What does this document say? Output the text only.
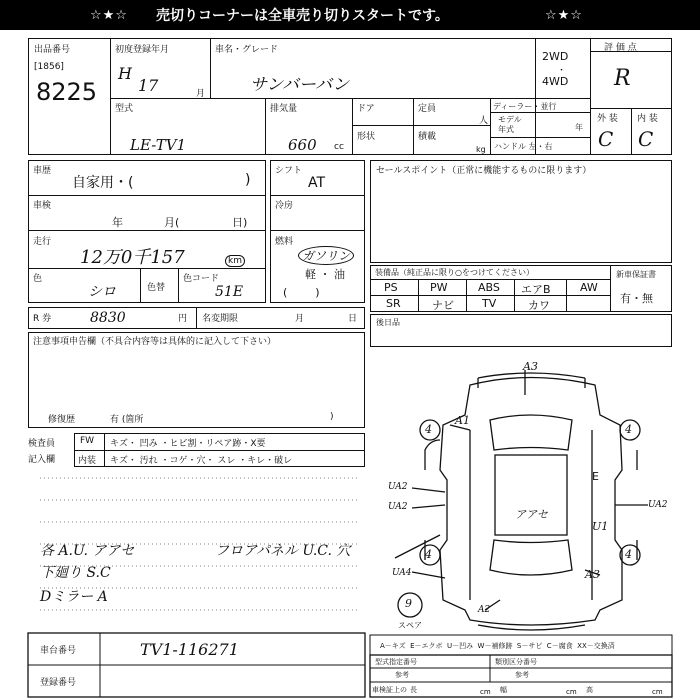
☆★☆ 売切りコーナーは全車売り切りスタートです。	☆★☆
出品番号
[1856]
8225
初度登録年月
H
17	月
車名・グレード
サンバーバン
2WD
・
4WD
評 価 点
R
型式
LE-TV1
排気量
660 cc
ドア
形状
定員
人
積載
kg
ディーラー・並行
モデル
年式	年
ハンドル 左・右
外 装 内 装
C C
車歴
自家用・(	)
車検
年	月(	日)
走行
12万0千157	km
色
シロ	色替
色コード
51E
シフト
AT
冷房
燃料
ガソリン
軽 ・ 油
(        )
R 券	8830	円 名変期限	月	日
セールスポイント（正常に機能するものに限ります）
装備品（純正品に限り○をつけてください）
PS	PW	ABS エアB	AW
SR	ナビ	TV	カワ
新車保証書
有・無
後日品
注意事項申告欄（不具合内容等は具体的に記入して下さい）
修復歴	有 (箇所	)
検査員
記入欄
FW キズ・ 凹み ・ヒビ割・リペア跡・X要
内装 キズ・ 汚れ ・コゲ・穴・ スレ ・キレ・破レ
各 A.U. アアセ
下廻り S.C
Dミラー A
フロアパネル U.C. 穴
A3
A1
E
U1
アアセ
A3
UA2
UA2	UA2
UA4
A2
4	4
4	4
9
スペア
A－キズ  E－エクボ  U－凹み  W－補修跡  S－サビ  C－腐食  XX－交換済
車台番号	TV1-116271
登録番号
型式指定番号	類別区分番号
参考	参考
車検証上の 長	cm 幅	cm 高	cm
